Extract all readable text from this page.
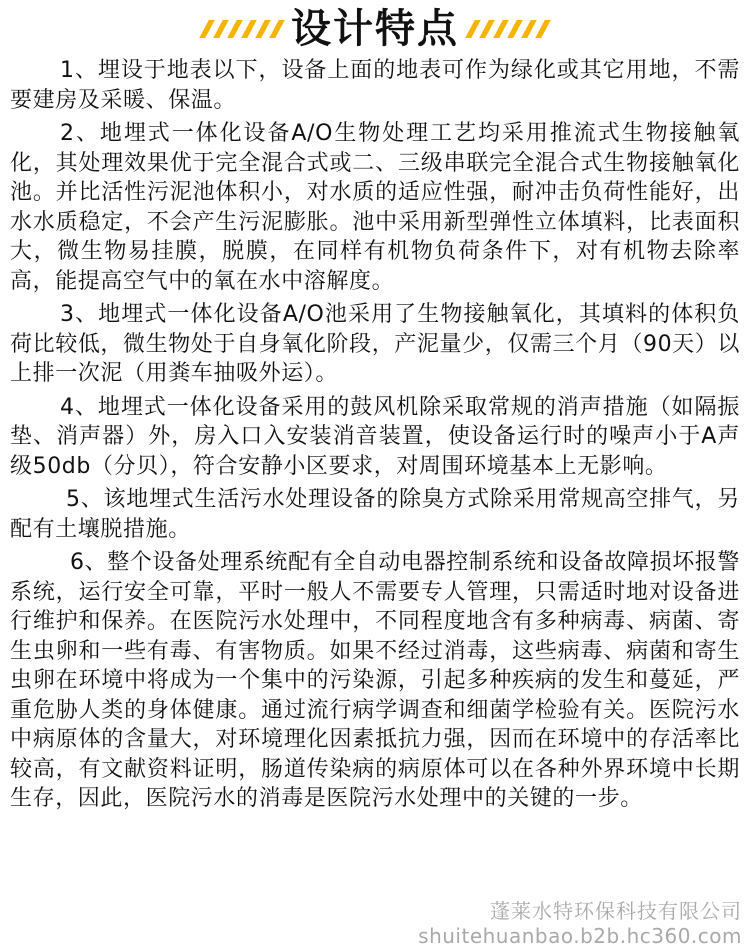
设计特点

1、埋设于地表以下，设备上面的地表可作为绿化或其它用地，不需要建房及采暖、保温。

2、地埋式一体化设备A/O生物处理工艺均采用推流式生物接触氧化，其处理效果优于完全混合式或二、三级串联完全混合式生物接触氧化池。并比活性污泥池体积小，对水质的适应性强，耐冲击负荷性能好，出水水质稳定，不会产生污泥膨胀。池中采用新型弹性立体填料，比表面积大，微生物易挂膜，脱膜，在同样有机物负荷条件下，对有机物去除率高，能提高空气中的氧在水中溶解度。

3、地埋式一体化设备A/O池采用了生物接触氧化，其填料的体积负荷比较低，微生物处于自身氧化阶段，产泥量少，仅需三个月（90天）以上排一次泥（用粪车抽吸外运）。

4、地埋式一体化设备采用的鼓风机除采取常规的消声措施（如隔振垫、消声器）外，房入口入安装消音装置，使设备运行时的噪声小于A声级50db（分贝），符合安静小区要求，对周围环境基本上无影响。

5、该地埋式生活污水处理设备的除臭方式除采用常规高空排气，另配有土壤脱措施。

6、整个设备处理系统配有全自动电器控制系统和设备故障损坏报警系统，运行安全可靠，平时一般人不需要专人管理，只需适时地对设备进行维护和保养。在医院污水处理中，不同程度地含有多种病毒、病菌、寄生虫卵和一些有毒、有害物质。如果不经过消毒，这些病毒、病菌和寄生虫卵在环境中将成为一个集中的污染源，引起多种疾病的发生和蔓延，严重危胁人类的身体健康。通过流行病学调查和细菌学检验有关。医院污水中病原体的含量大，对环境理化因素抵抗力强，因而在环境中的存活率比较高，有文献资料证明，肠道传染病的病原体可以在各种外界环境中长期生存，因此，医院污水的消毒是医院污水处理中的关键的一步。

蓬莱水特环保科技有限公司
shuitehuanbao.b2b.hc360.com
